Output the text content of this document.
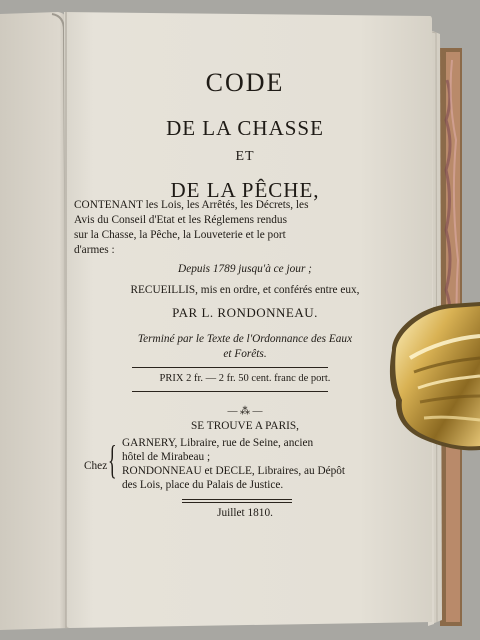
CODE
DE LA CHASSE
ET
DE LA PÊCHE,
CONTENANT les Lois, les Arrêtés, les Décrets, les
Avis du Conseil d'Etat et les Réglemens rendus
sur la Chasse, la Pêche, la Louveterie et le port
d'armes :
Depuis 1789 jusqu'à ce jour ;
RECUEILLIS, mis en ordre, et conférés entre eux,
PAR L. RONDONNEAU.
Terminé par le Texte de l'Ordonnance des Eaux
et Forêts.
PRIX 2 fr. — 2 fr. 50 cent. franc de port.
— ⁂ —
SE TROUVE A PARIS,
Chez { GARNERY, Libraire, rue de Seine, ancien
hôtel de Mirabeau ;
RONDONNEAU et DECLE, Libraires, au Dépôt
des Lois, place du Palais de Justice.
Juillet 1810.
